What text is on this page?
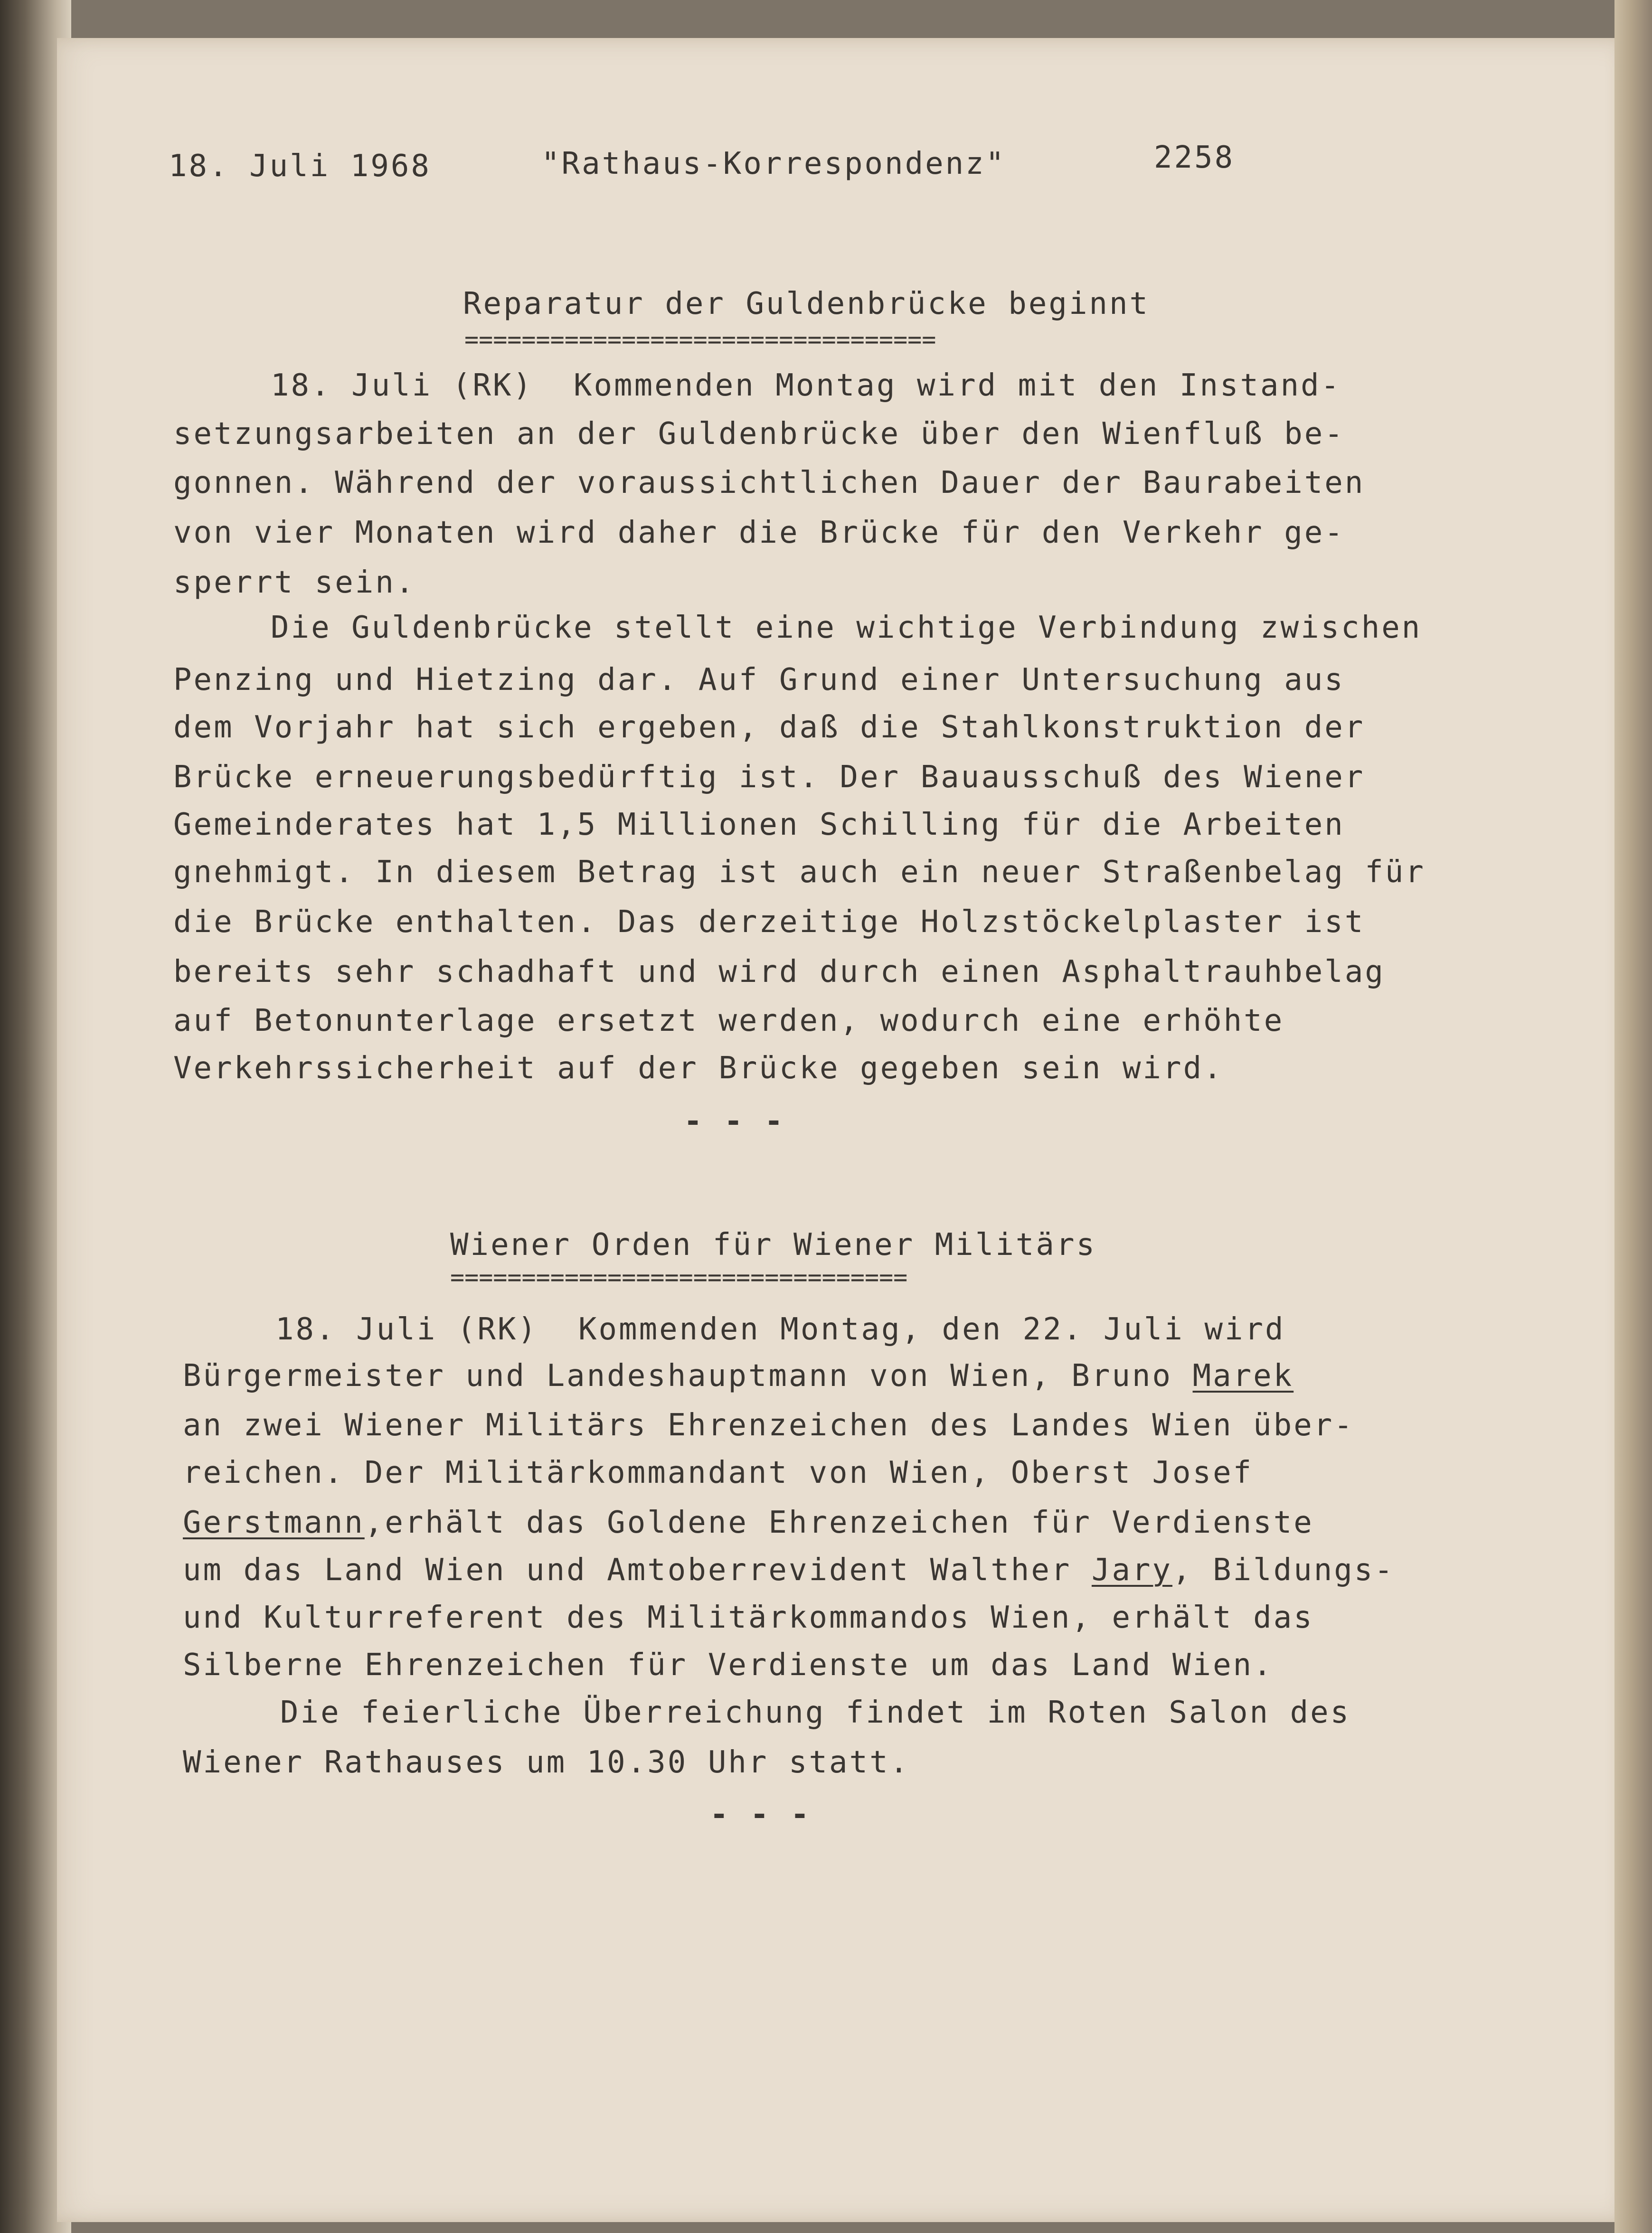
18. Juli 1968	"Rathaus-Korrespondenz"	2258
Reparatur der Guldenbrücke beginnt
=================================
18. Juli (RK)  Kommenden Montag wird mit den Instand-
setzungsarbeiten an der Guldenbrücke über den Wienfluß be-
gonnen. Während der voraussichtlichen Dauer der Baurabeiten
von vier Monaten wird daher die Brücke für den Verkehr ge-
sperrt sein.
Die Guldenbrücke stellt eine wichtige Verbindung zwischen
Penzing und Hietzing dar. Auf Grund einer Untersuchung aus
dem Vorjahr hat sich ergeben, daß die Stahlkonstruktion der
Brücke erneuerungsbedürftig ist. Der Bauausschuß des Wiener
Gemeinderates hat 1,5 Millionen Schilling für die Arbeiten
gnehmigt. In diesem Betrag ist auch ein neuer Straßenbelag für
die Brücke enthalten. Das derzeitige Holzstöckelplaster ist
bereits sehr schadhaft und wird durch einen Asphaltrauhbelag
auf Betonunterlage ersetzt werden, wodurch eine erhöhte
Verkehrssicherheit auf der Brücke gegeben sein wird.
- - -
Wiener Orden für Wiener Militärs
================================
18. Juli (RK)  Kommenden Montag, den 22. Juli wird
Bürgermeister und Landeshauptmann von Wien, Bruno Marek
an zwei Wiener Militärs Ehrenzeichen des Landes Wien über-
reichen. Der Militärkommandant von Wien, Oberst Josef
Gerstmann,erhält das Goldene Ehrenzeichen für Verdienste
um das Land Wien und Amtoberrevident Walther Jary, Bildungs-
und Kulturreferent des Militärkommandos Wien, erhält das
Silberne Ehrenzeichen für Verdienste um das Land Wien.
Die feierliche Überreichung findet im Roten Salon des
Wiener Rathauses um 10.30 Uhr statt.
- - -
